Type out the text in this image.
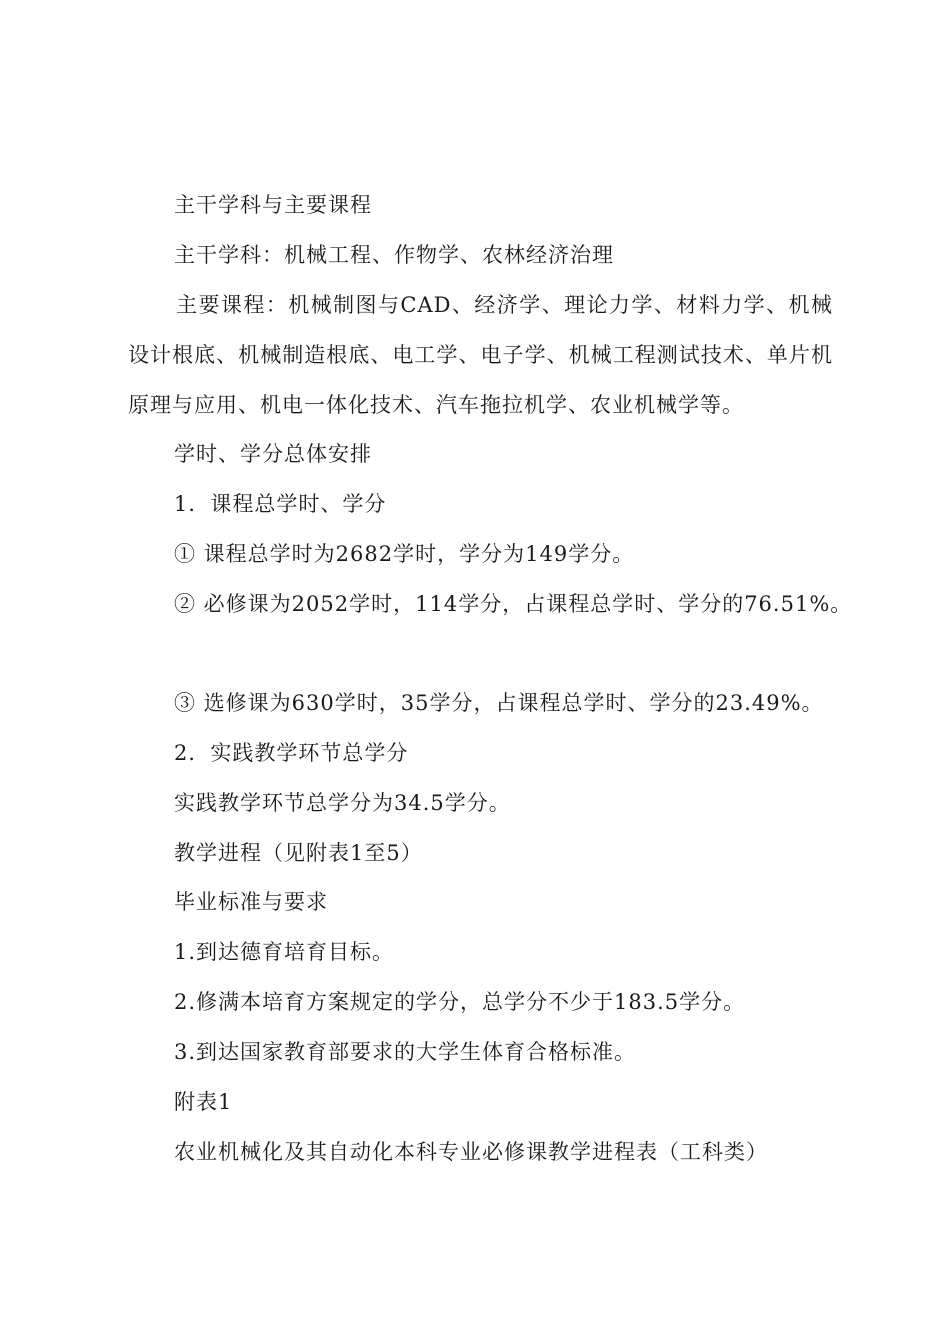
主干学科与主要课程
主干学科：机械工程、作物学、农林经济治理
主要课程：机械制图与CAD、经济学、理论力学、材料力学、机械设计根底、机械制造根底、电工学、电子学、机械工程测试技术、单片机原理与应用、机电一体化技术、汽车拖拉机学、农业机械学等。
学时、学分总体安排
1．课程总学时、学分
① 课程总学时为2682学时，学分为149学分。
② 必修课为2052学时，114学分，占课程总学时、学分的76.51%。
③ 选修课为630学时，35学分，占课程总学时、学分的23.49%。
2．实践教学环节总学分
实践教学环节总学分为34.5学分。
教学进程（见附表1至5）
毕业标准与要求
1.到达德育培育目标。
2.修满本培育方案规定的学分，总学分不少于183.5学分。
3.到达国家教育部要求的大学生体育合格标准。
附表1
农业机械化及其自动化本科专业必修课教学进程表（工科类）
